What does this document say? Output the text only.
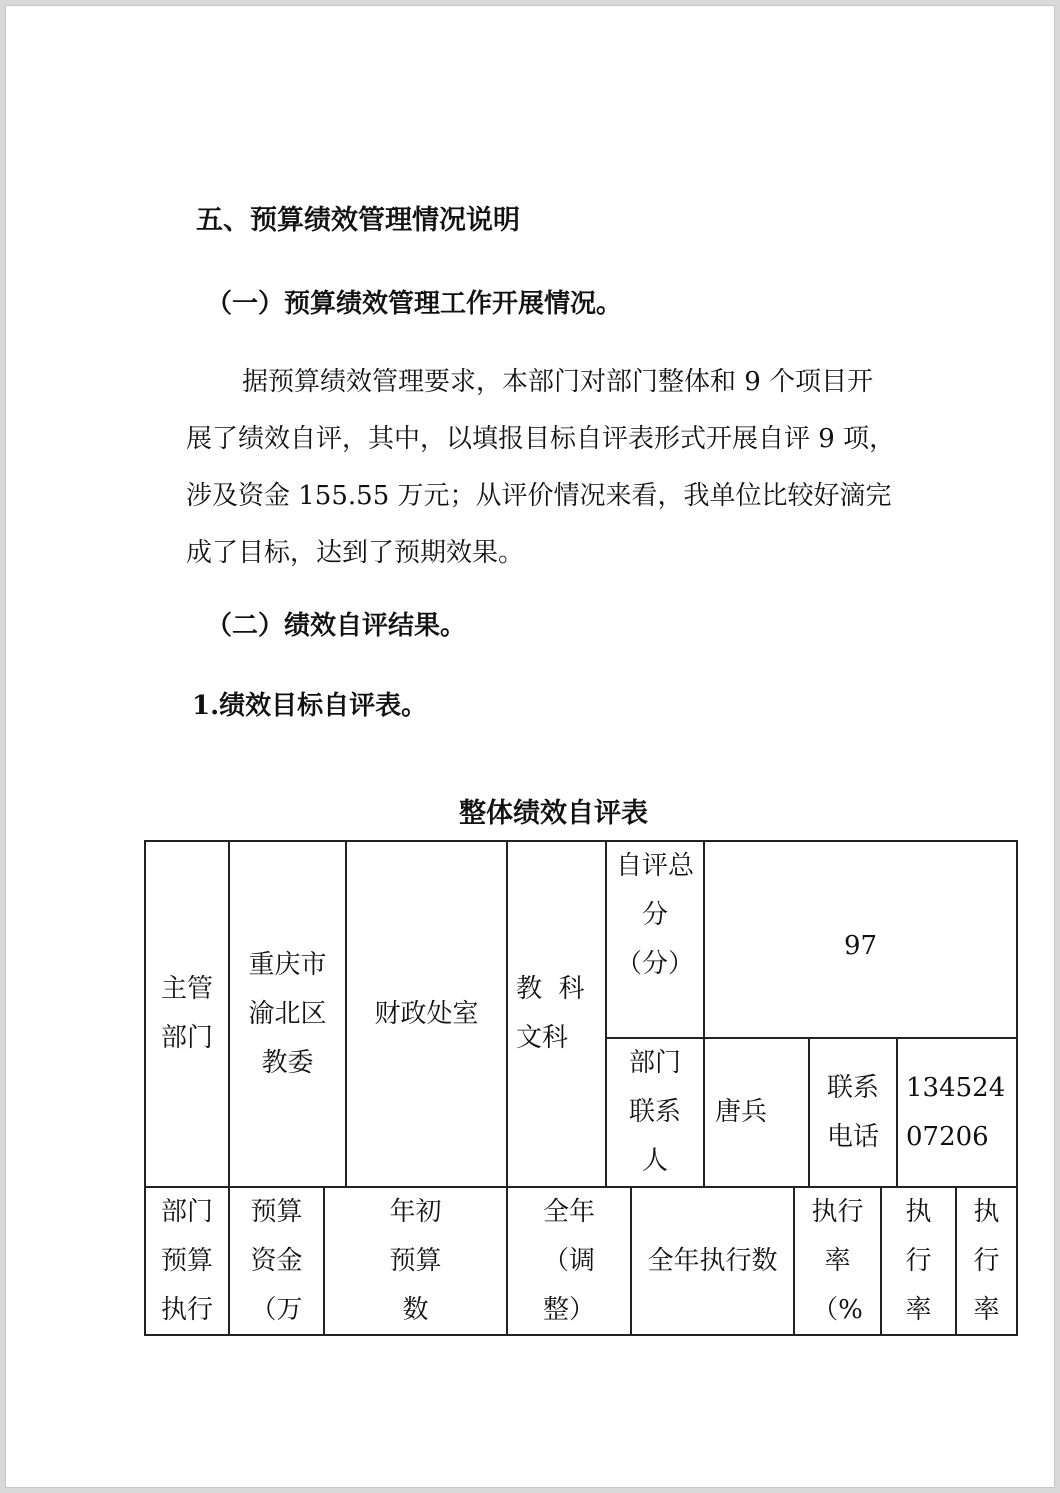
五、预算绩效管理情况说明
（一）预算绩效管理工作开展情况。
据预算绩效管理要求，本部门对部门整体和 9 个项目开
展了绩效自评，其中，以填报目标自评表形式开展自评 9 项，
涉及资金 155.55 万元；从评价情况来看，我单位比较好滴完
成了目标，达到了预期效果。
（二）绩效自评结果。
1.绩效目标自评表。
整体绩效自评表
主管部门
重庆市渝北区教委
财政处室
教  科文科
自评总分（分）
97
部门联系人
唐兵
联系电话
13452407206
部门预算执行
预算资金（万
年初预算数
全年（调整）
全年执行数
执行率（%
执行率
执行率
